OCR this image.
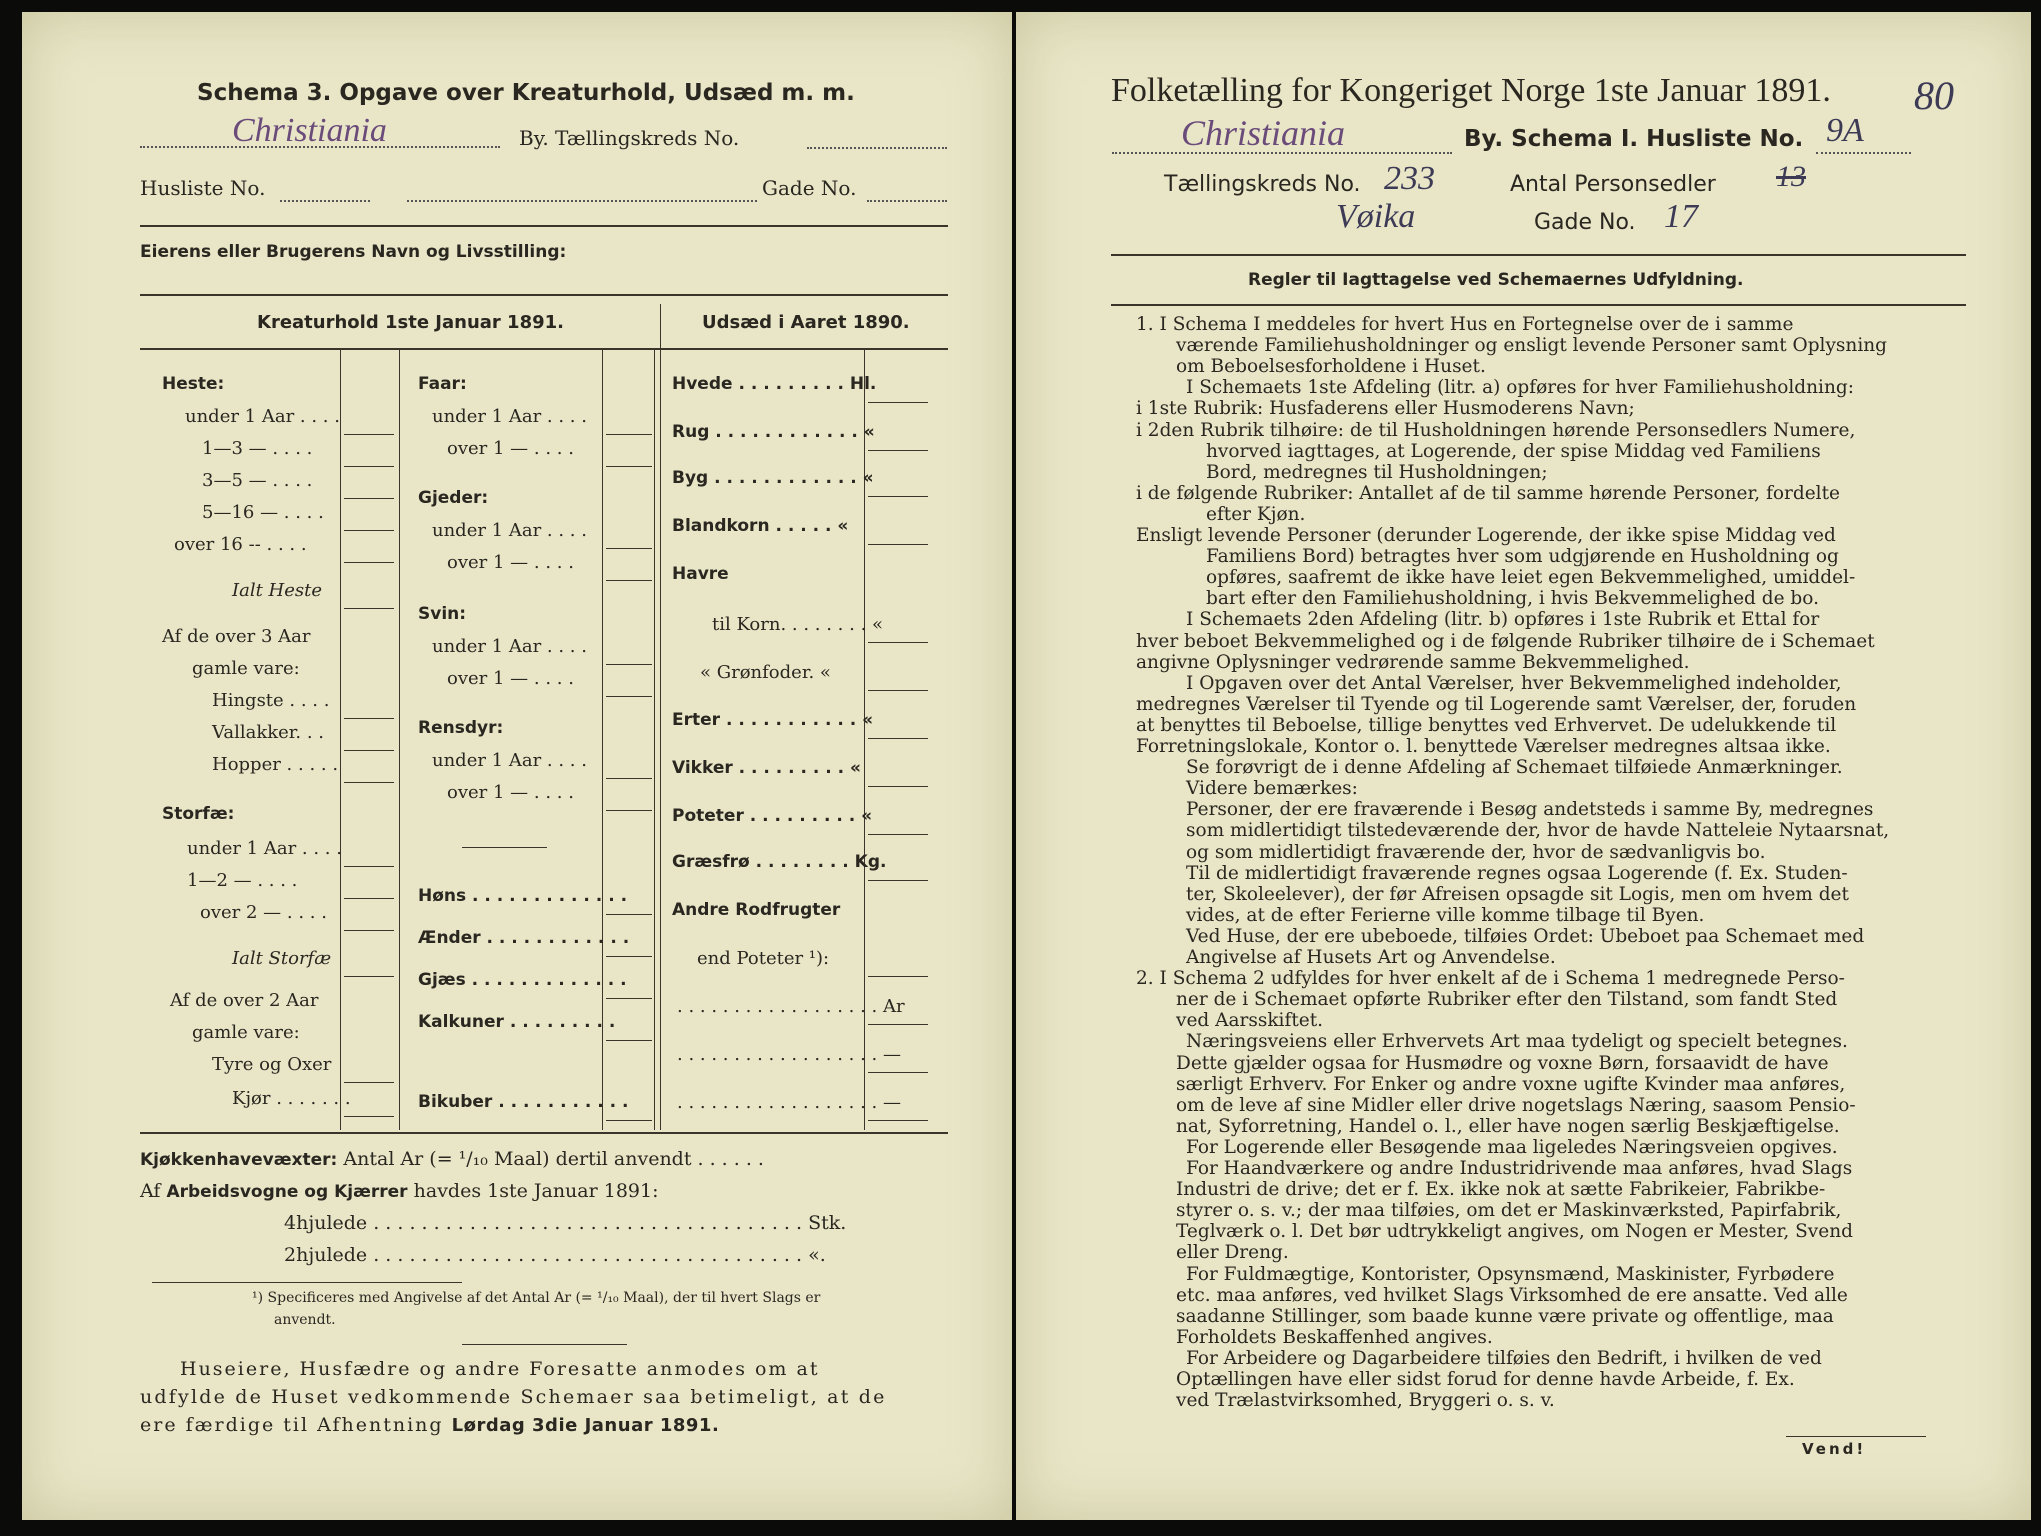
Schema 3. Opgave over Kreaturhold, Udsæd m. m.
Christiania	By. Tællingskreds No.
Husliste No.	Gade No.
Eierens eller Brugerens Navn og Livsstilling:
Kreaturhold 1ste Januar 1891.	Udsæd i Aaret 1890.
Heste:
under 1 Aar . . . .
1—3 — . . . .
3—5 — . . . .
5—16 — . . . .
over 16 -- . . . .
Ialt Heste
Af de over 3 Aar
gamle vare:
Hingste . . . .
Vallakker. . .
Hopper . . . . .
Storfæ:
under 1 Aar . . . .
1—2 — . . . .
over 2 — . . . .
Ialt Storfæ
Af de over 2 Aar
gamle vare:
Tyre og Oxer
Kjør . . . . . . .
Faar:
under 1 Aar . . . .
over 1 — . . . .
Gjeder:
under 1 Aar . . . .
over 1 — . . . .
Svin:
under 1 Aar . . . .
over 1 — . . . .
Rensdyr:
under 1 Aar . . . .
over 1 — . . . .
Høns . . . . . . . . . . . . .
Ænder . . . . . . . . . . . .
Gjæs . . . . . . . . . . . . .
Kalkuner . . . . . . . . .
Bikuber . . . . . . . . . . .
Hvede . . . . . . . . . Hl.
Rug . . . . . . . . . . . . «
Byg . . . . . . . . . . . . «
Blandkorn . . . . . «
Havre
til Korn. . . . . . . . «
« Grønfoder. «
Erter . . . . . . . . . . . «
Vikker . . . . . . . . . «
Poteter . . . . . . . . . «
Græsfrø . . . . . . . . Kg.
Andre Rodfrugter
end Poteter ¹):
. . . . . . . . . . . . . . . . . . Ar
. . . . . . . . . . . . . . . . . . —
. . . . . . . . . . . . . . . . . . —
Kjøkkenhavevæxter: Antal Ar (= ¹/₁₀ Maal) dertil anvendt . . . . . .
Af Arbeidsvogne og Kjærrer havdes 1ste Januar 1891:
4hjulede . . . . . . . . . . . . . . . . . . . . . . . . . . . . . . . . . . . . Stk.
2hjulede . . . . . . . . . . . . . . . . . . . . . . . . . . . . . . . . . . . . «.
¹) Specificeres med Angivelse af det Antal Ar (= ¹/₁₀ Maal), der til hvert Slags er
anvendt.
Huseiere, Husfædre og andre Foresatte anmodes om at
udfylde de Huset vedkommende Schemaer saa betimeligt, at de
ere færdige til Afhentning Lørdag 3die Januar 1891.
Folketælling for Kongeriget Norge 1ste Januar 1891. 80
Christiania	By. Schema I. Husliste No. 9A
Tællingskreds No. 233	Antal Personsedler 13
Vøika	Gade No. 17
Regler til Iagttagelse ved Schemaernes Udfyldning.
1. I Schema I meddeles for hvert Hus en Fortegnelse over de i samme
værende Familiehusholdninger og ensligt levende Personer samt Oplysning
om Beboelsesforholdene i Huset.
I Schemaets 1ste Afdeling (litr. a) opføres for hver Familiehusholdning:
i 1ste Rubrik: Husfaderens eller Husmoderens Navn;
i 2den Rubrik tilhøire: de til Husholdningen hørende Personsedlers Numere,
hvorved iagttages, at Logerende, der spise Middag ved Familiens
Bord, medregnes til Husholdningen;
i de følgende Rubriker: Antallet af de til samme hørende Personer, fordelte
efter Kjøn.
Ensligt levende Personer (derunder Logerende, der ikke spise Middag ved
Familiens Bord) betragtes hver som udgjørende en Husholdning og
opføres, saafremt de ikke have leiet egen Bekvemmelighed, umiddel-
bart efter den Familiehusholdning, i hvis Bekvemmelighed de bo.
I Schemaets 2den Afdeling (litr. b) opføres i 1ste Rubrik et Ettal for
hver beboet Bekvemmelighed og i de følgende Rubriker tilhøire de i Schemaet
angivne Oplysninger vedrørende samme Bekvemmelighed.
I Opgaven over det Antal Værelser, hver Bekvemmelighed indeholder,
medregnes Værelser til Tyende og til Logerende samt Værelser, der, foruden
at benyttes til Beboelse, tillige benyttes ved Erhvervet. De udelukkende til
Forretningslokale, Kontor o. l. benyttede Værelser medregnes altsaa ikke.
Se forøvrigt de i denne Afdeling af Schemaet tilføiede Anmærkninger.
Videre bemærkes:
Personer, der ere fraværende i Besøg andetsteds i samme By, medregnes
som midlertidigt tilstedeværende der, hvor de havde Natteleie Nytaarsnat,
og som midlertidigt fraværende der, hvor de sædvanligvis bo.
Til de midlertidigt fraværende regnes ogsaa Logerende (f. Ex. Studen-
ter, Skoleelever), der før Afreisen opsagde sit Logis, men om hvem det
vides, at de efter Ferierne ville komme tilbage til Byen.
Ved Huse, der ere ubeboede, tilføies Ordet: Ubeboet paa Schemaet med
Angivelse af Husets Art og Anvendelse.
2. I Schema 2 udfyldes for hver enkelt af de i Schema 1 medregnede Perso-
ner de i Schemaet opførte Rubriker efter den Tilstand, som fandt Sted
ved Aarsskiftet.
Næringsveiens eller Erhvervets Art maa tydeligt og specielt betegnes.
Dette gjælder ogsaa for Husmødre og voxne Børn, forsaavidt de have
særligt Erhverv. For Enker og andre voxne ugifte Kvinder maa anføres,
om de leve af sine Midler eller drive nogetslags Næring, saasom Pensio-
nat, Syforretning, Handel o. l., eller have nogen særlig Beskjæftigelse.
For Logerende eller Besøgende maa ligeledes Næringsveien opgives.
For Haandværkere og andre Industridrivende maa anføres, hvad Slags
Industri de drive; det er f. Ex. ikke nok at sætte Fabrikeier, Fabrikbe-
styrer o. s. v.; der maa tilføies, om det er Maskinværksted, Papirfabrik,
Teglværk o. l. Det bør udtrykkeligt angives, om Nogen er Mester, Svend
eller Dreng.
For Fuldmægtige, Kontorister, Opsynsmænd, Maskinister, Fyrbødere
etc. maa anføres, ved hvilket Slags Virksomhed de ere ansatte. Ved alle
saadanne Stillinger, som baade kunne være private og offentlige, maa
Forholdets Beskaffenhed angives.
For Arbeidere og Dagarbeidere tilføies den Bedrift, i hvilken de ved
Optællingen have eller sidst forud for denne havde Arbeide, f. Ex.
ved Trælastvirksomhed, Bryggeri o. s. v.
Vend!
